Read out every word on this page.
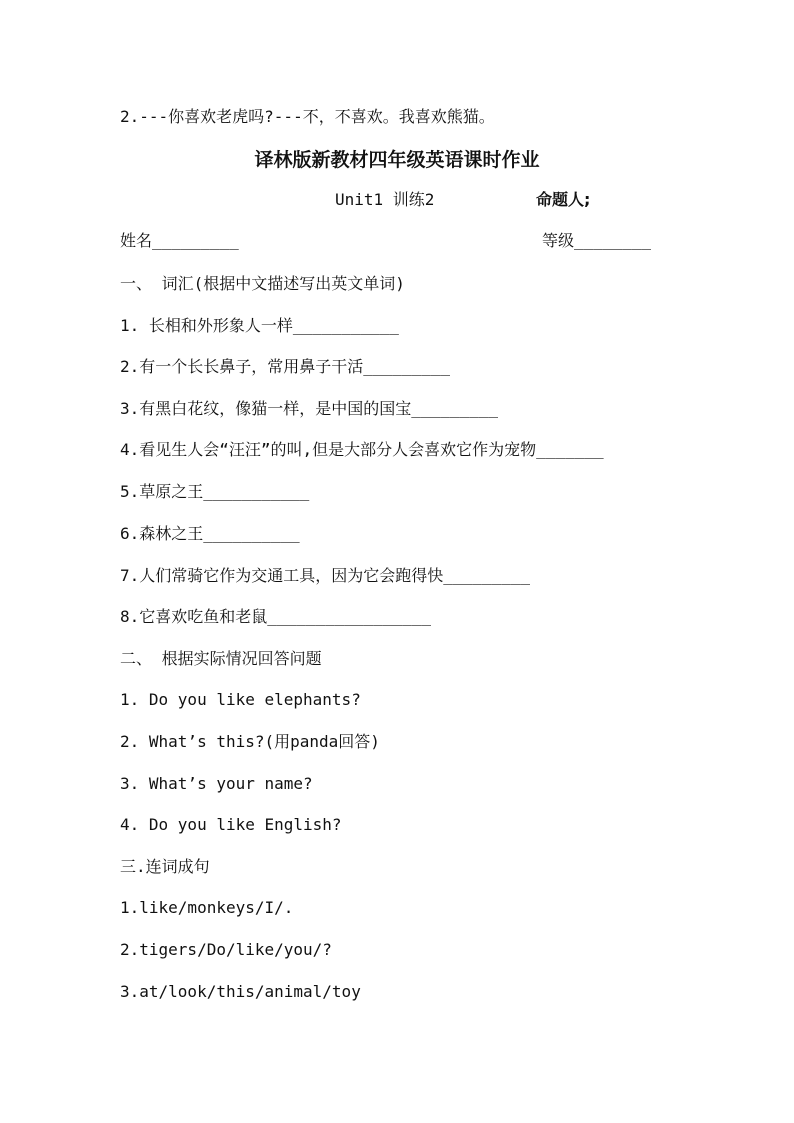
2.---你喜欢老虎吗?---不，不喜欢。我喜欢熊猫。
译林版新教材四年级英语课时作业
Unit1 训练2	命题人;
姓名_________	等级________
一、 词汇(根据中文描述写出英文单词)
1. 长相和外形象人一样___________
2.有一个长长鼻子，常用鼻子干活_________
3.有黑白花纹，像猫一样，是中国的国宝_________
4.看见生人会“汪汪”的叫,但是大部分人会喜欢它作为宠物_______
5.草原之王___________
6.森林之王__________
7.人们常骑它作为交通工具，因为它会跑得快_________
8.它喜欢吃鱼和老鼠_________________
二、 根据实际情况回答问题
1. Do you like elephants?
2. What’s this?(用panda回答)
3. What’s your name?
4. Do you like English?
三.连词成句
1.like/monkeys/I/.
2.tigers/Do/like/you/?
3.at/look/this/animal/toy
